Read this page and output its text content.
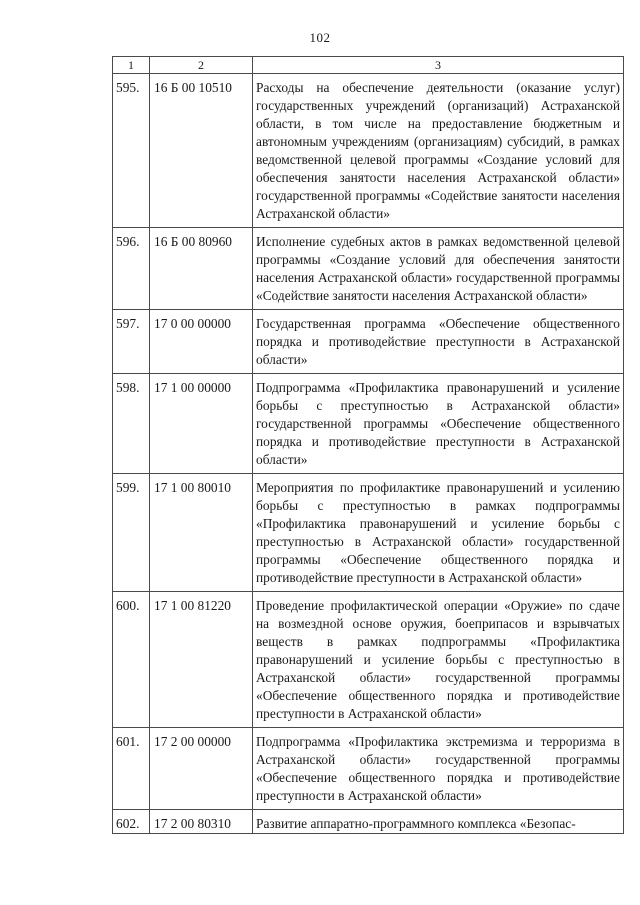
102
1	2	3
595.	16 Б 00 10510	Расходы на обеспечение деятельности (оказание услуг) государственных учреждений (организаций) Астраханской области, в том числе на предоставление бюджетным и автономным учреждениям (организациям) субсидий, в рамках ведомственной целевой программы «Создание условий для обеспечения занятости населения Астраханской области» государственной программы «Содействие занятости населения Астраханской области»
596.	16 Б 00 80960	Исполнение судебных актов в рамках ведомственной целевой программы «Создание условий для обеспечения занятости населения Астраханской области» государственной программы «Содействие занятости населения Астраханской области»
597.	17 0 00 00000	Государственная программа «Обеспечение общественного порядка и противодействие преступности в Астраханской области»
598.	17 1 00 00000	Подпрограмма «Профилактика правонарушений и усиление борьбы с преступностью в Астраханской области» государственной программы «Обеспечение общественного порядка и противодействие преступности в Астраханской области»
599.	17 1 00 80010	Мероприятия по профилактике правонарушений и усилению борьбы с преступностью в рамках подпрограммы «Профилактика правонарушений и усиление борьбы с преступностью в Астраханской области» государственной программы «Обеспечение общественного порядка и противодействие преступности в Астраханской области»
600.	17 1 00 81220	Проведение профилактической операции «Оружие» по сдаче на возмездной основе оружия, боеприпасов и взрывчатых веществ в рамках подпрограммы «Профилактика правонарушений и усиление борьбы с преступностью в Астраханской области» государственной программы «Обеспечение общественного порядка и противодействие преступности в Астраханской области»
601.	17 2 00 00000	Подпрограмма «Профилактика экстремизма и терроризма в Астраханской области» государственной программы «Обеспечение общественного порядка и противодействие преступности в Астраханской области»
602.	17 2 00 80310	Развитие аппаратно-программного комплекса «Безопас-
